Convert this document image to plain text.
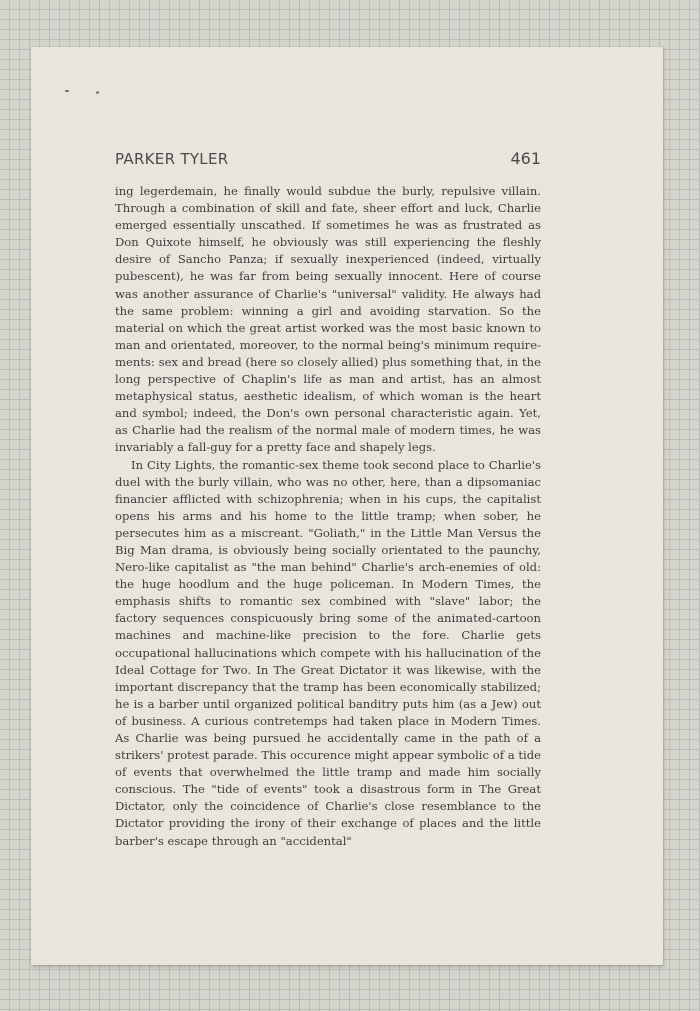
PARKER TYLER	461

ing legerdemain, he finally would subdue the burly, repulsive villain. Through a combination of skill and fate, sheer effort and luck, Charlie emerged essentially unscathed. If sometimes he was as frustrated as Don Quixote himself, he obviously was still experiencing the fleshly desire of Sancho Panza; if sexually inexperienced (indeed, virtually pubescent), he was far from being sexually innocent. Here of course was another assurance of Charlie's "universal" validity. He always had the same problem: winning a girl and avoiding starvation. So the material on which the great artist worked was the most basic known to man and orientated, moreover, to the normal being's minimum requirements: sex and bread (here so closely allied) plus something that, in the long perspective of Chaplin's life as man and artist, has an almost metaphysical status, aesthetic idealism, of which woman is the heart and symbol; indeed, the Don's own personal characteristic again. Yet, as Charlie had the realism of the normal male of modern times, he was invariably a fall-guy for a pretty face and shapely legs.

In City Lights, the romantic-sex theme took second place to Charlie's duel with the burly villain, who was no other, here, than a dipsomaniac financier afflicted with schizophrenia; when in his cups, the capitalist opens his arms and his home to the little tramp; when sober, he persecutes him as a miscreant. "Goliath," in the Little Man Versus the Big Man drama, is obviously being socially orientated to the paunchy, Nero-like capitalist as "the man behind" Charlie's arch-enemies of old: the huge hoodlum and the huge policeman. In Modern Times, the emphasis shifts to romantic sex combined with "slave" labor; the factory sequences conspicuously bring some of the animated-cartoon machines and machine-like precision to the fore. Charlie gets occupational hallucinations which compete with his hallucination of the Ideal Cottage for Two. In The Great Dictator it was likewise, with the important discrepancy that the tramp has been economically stabilized; he is a barber until organized political banditry puts him (as a Jew) out of business. A curious contretemps had taken place in Modern Times. As Charlie was being pursued he accidentally came in the path of a strikers' protest parade. This occurence might appear symbolic of a tide of events that overwhelmed the little tramp and made him socially conscious. The "tide of events" took a disastrous form in The Great Dictator, only the coincidence of Charlie's close resemblance to the Dictator providing the irony of their exchange of places and the little barber's escape through an "accidental"
